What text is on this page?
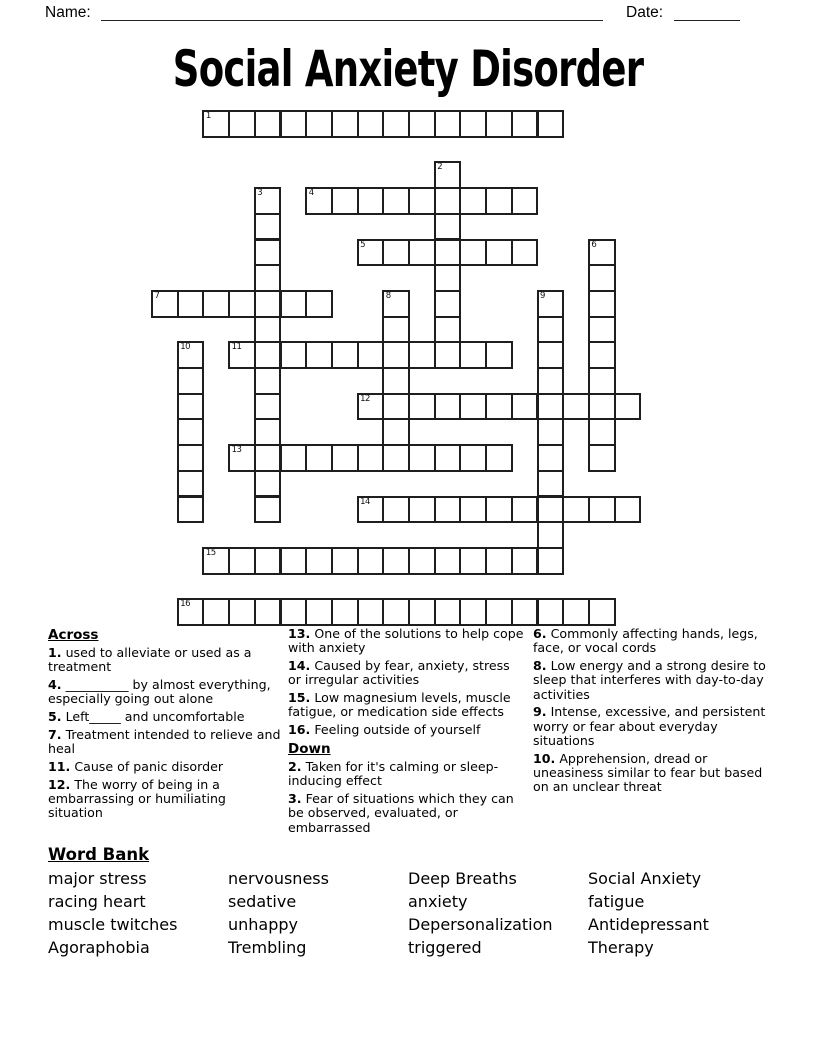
Name:	Date:
Social Anxiety Disorder
1
2
3	4
5	6
7	8	9
10	11
12
13
14
15
16
Across
1. used to alleviate or used as a treatment
4. __________ by almost everything, especially going out alone
5. Left_____ and uncomfortable
7. Treatment intended to relieve and heal
11. Cause of panic disorder
12. The worry of being in a embarrassing or humiliating situation
13. One of the solutions to help cope with anxiety
14. Caused by fear, anxiety, stress or irregular activities
15. Low magnesium levels, muscle fatigue, or medication side effects
16. Feeling outside of yourself
Down
2. Taken for it's calming or sleep-inducing effect
3. Fear of situations which they can be observed, evaluated, or embarrassed
6. Commonly affecting hands, legs, face, or vocal cords
8. Low energy and a strong desire to sleep that interferes with day-to-day activities
9. Intense, excessive, and persistent worry or fear about everyday situations
10. Apprehension, dread or uneasiness similar to fear but based on an unclear threat
Word Bank
major stress
racing heart
muscle twitches
Agoraphobia
nervousness
sedative
unhappy
Trembling
Deep Breaths
anxiety
Depersonalization
triggered
Social Anxiety
fatigue
Antidepressant
Therapy
